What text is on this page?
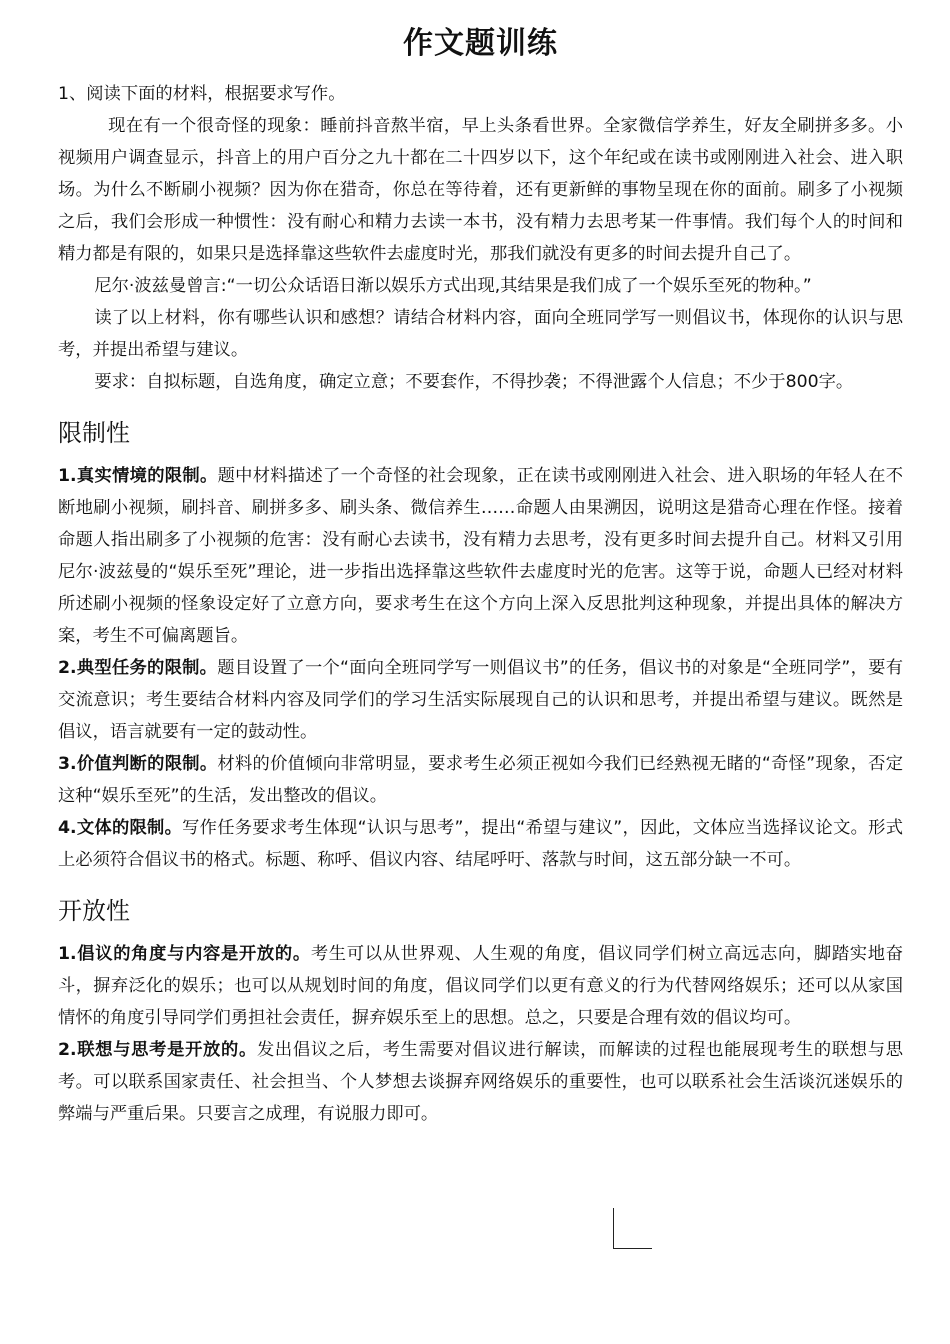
作文题训练

1、阅读下面的材料，根据要求写作。

现在有一个很奇怪的现象：睡前抖音熬半宿，早上头条看世界。全家微信学养生，好友全刷拼多多。小视频用户调查显示，抖音上的用户百分之九十都在二十四岁以下，这个年纪或在读书或刚刚进入社会、进入职场。为什么不断刷小视频？因为你在猎奇，你总在等待着，还有更新鲜的事物呈现在你的面前。刷多了小视频之后，我们会形成一种惯性：没有耐心和精力去读一本书，没有精力去思考某一件事情。我们每个人的时间和精力都是有限的，如果只是选择靠这些软件去虚度时光，那我们就没有更多的时间去提升自己了。

尼尔·波兹曼曾言:“一切公众话语日渐以娱乐方式出现,其结果是我们成了一个娱乐至死的物种。”

读了以上材料，你有哪些认识和感想？请结合材料内容，面向全班同学写一则倡议书，体现你的认识与思考，并提出希望与建议。

要求：自拟标题，自选角度，确定立意；不要套作，不得抄袭；不得泄露个人信息；不少于800字。

限制性

1.真实情境的限制。题中材料描述了一个奇怪的社会现象，正在读书或刚刚进入社会、进入职场的年轻人在不断地刷小视频，刷抖音、刷拼多多、刷头条、微信养生……命题人由果溯因，说明这是猎奇心理在作怪。接着命题人指出刷多了小视频的危害：没有耐心去读书，没有精力去思考，没有更多时间去提升自己。材料又引用尼尔·波兹曼的“娱乐至死”理论，进一步指出选择靠这些软件去虚度时光的危害。这等于说，命题人已经对材料所述刷小视频的怪象设定好了立意方向，要求考生在这个方向上深入反思批判这种现象，并提出具体的解决方案，考生不可偏离题旨。

2.典型任务的限制。题目设置了一个“面向全班同学写一则倡议书”的任务，倡议书的对象是“全班同学”，要有交流意识；考生要结合材料内容及同学们的学习生活实际展现自己的认识和思考，并提出希望与建议。既然是倡议，语言就要有一定的鼓动性。

3.价值判断的限制。材料的价值倾向非常明显，要求考生必须正视如今我们已经熟视无睹的“奇怪”现象，否定这种“娱乐至死”的生活，发出整改的倡议。

4.文体的限制。写作任务要求考生体现“认识与思考”，提出“希望与建议”，因此，文体应当选择议论文。形式上必须符合倡议书的格式。标题、称呼、倡议内容、结尾呼吁、落款与时间，这五部分缺一不可。

开放性

1.倡议的角度与内容是开放的。考生可以从世界观、人生观的角度，倡议同学们树立高远志向，脚踏实地奋斗，摒弃泛化的娱乐；也可以从规划时间的角度，倡议同学们以更有意义的行为代替网络娱乐；还可以从家国情怀的角度引导同学们勇担社会责任，摒弃娱乐至上的思想。总之，只要是合理有效的倡议均可。

2.联想与思考是开放的。发出倡议之后，考生需要对倡议进行解读，而解读的过程也能展现考生的联想与思考。可以联系国家责任、社会担当、个人梦想去谈摒弃网络娱乐的重要性，也可以联系社会生活谈沉迷娱乐的弊端与严重后果。只要言之成理，有说服力即可。
